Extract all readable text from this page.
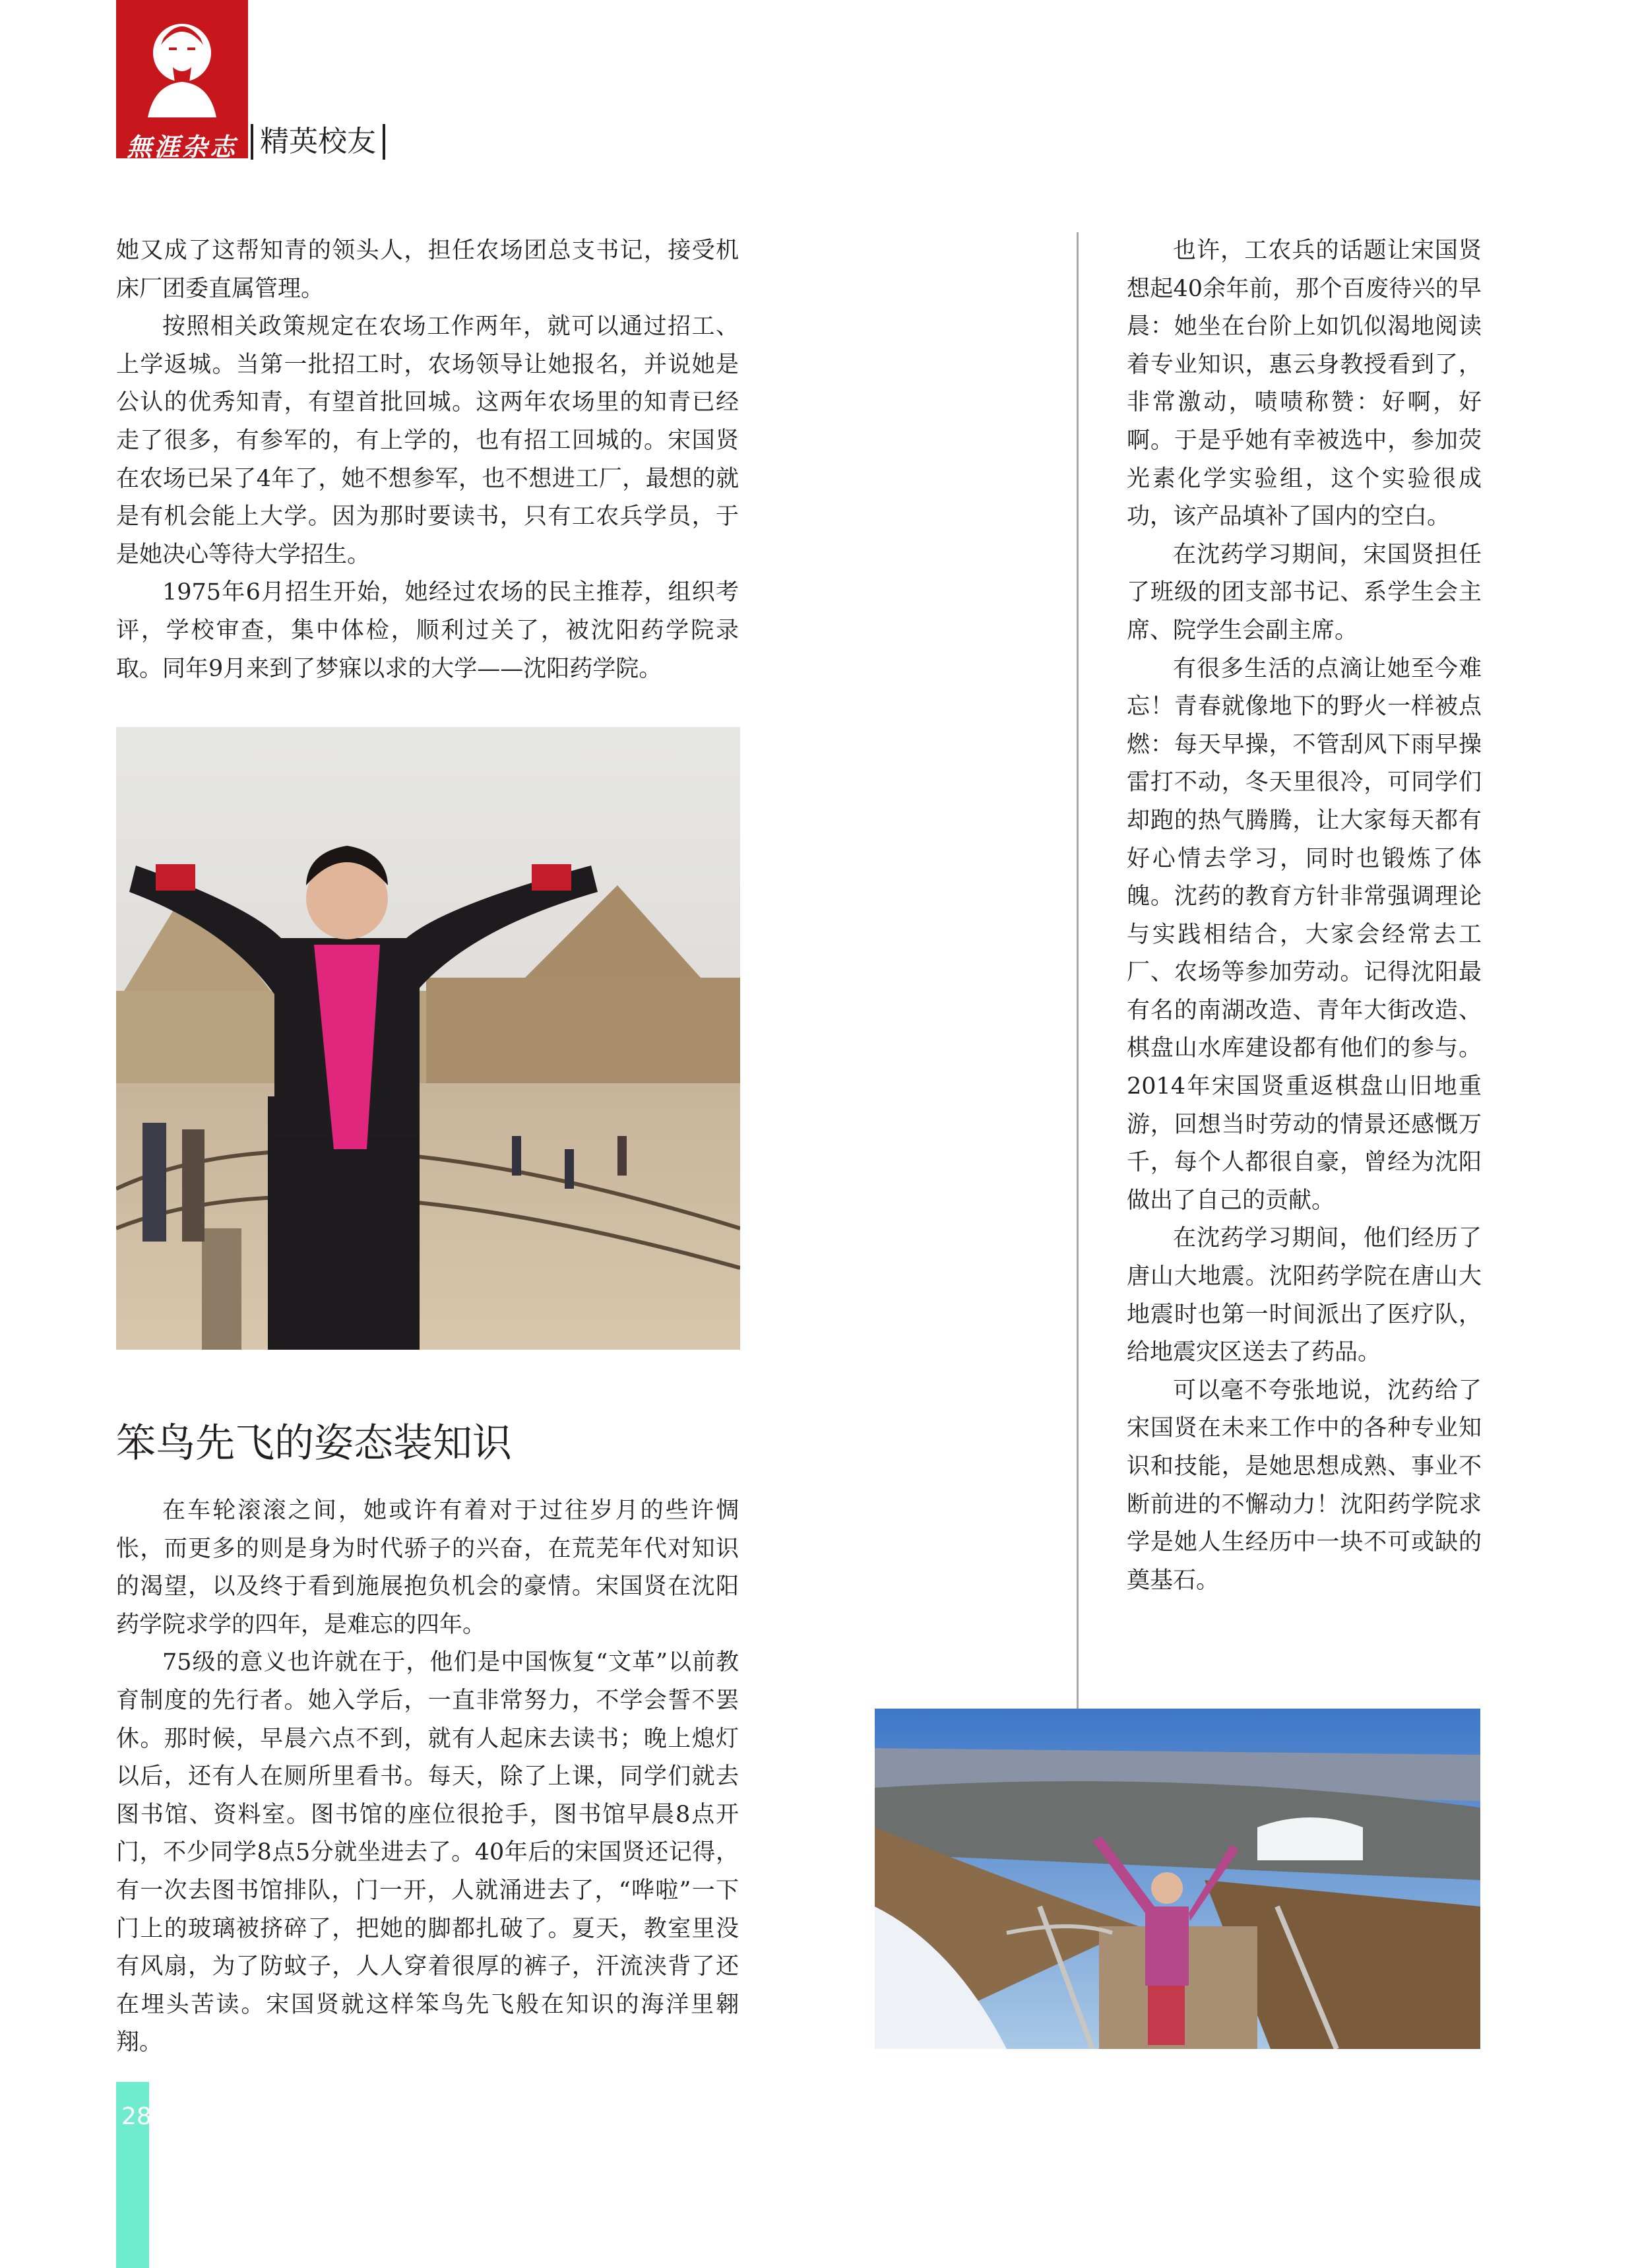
無涯杂志 精英校友

她又成了这帮知青的领头人，担任农场团总支书记，接受机床厂团委直属管理。

按照相关政策规定在农场工作两年，就可以通过招工、上学返城。当第一批招工时，农场领导让她报名，并说她是公认的优秀知青，有望首批回城。这两年农场里的知青已经走了很多，有参军的，有上学的，也有招工回城的。宋国贤在农场已呆了4年了，她不想参军，也不想进工厂，最想的就是有机会能上大学。因为那时要读书，只有工农兵学员，于是她决心等待大学招生。

1975年6月招生开始，她经过农场的民主推荐，组织考评，学校审查，集中体检，顺利过关了，被沈阳药学院录取。同年9月来到了梦寐以求的大学——沈阳药学院。

笨鸟先飞的姿态装知识

在车轮滚滚之间，她或许有着对于过往岁月的些许惆怅，而更多的则是身为时代骄子的兴奋，在荒芜年代对知识的渴望，以及终于看到施展抱负机会的豪情。宋国贤在沈阳药学院求学的四年，是难忘的四年。

75级的意义也许就在于，他们是中国恢复“文革”以前教育制度的先行者。她入学后，一直非常努力，不学会誓不罢休。那时候，早晨六点不到，就有人起床去读书；晚上熄灯以后，还有人在厕所里看书。每天，除了上课，同学们就去图书馆、资料室。图书馆的座位很抢手，图书馆早晨8点开门，不少同学8点5分就坐进去了。40年后的宋国贤还记得，有一次去图书馆排队，门一开，人就涌进去了，“哗啦”一下门上的玻璃被挤碎了，把她的脚都扎破了。夏天，教室里没有风扇，为了防蚊子，人人穿着很厚的裤子，汗流浃背了还在埋头苦读。宋国贤就这样笨鸟先飞般在知识的海洋里翱翔。

也许，工农兵的话题让宋国贤想起40余年前，那个百废待兴的早晨：她坐在台阶上如饥似渴地阅读着专业知识，惠云身教授看到了，非常激动，啧啧称赞：好啊，好啊。于是乎她有幸被选中，参加荧光素化学实验组，这个实验很成功，该产品填补了国内的空白。

在沈药学习期间，宋国贤担任了班级的团支部书记、系学生会主席、院学生会副主席。

有很多生活的点滴让她至今难忘！青春就像地下的野火一样被点燃：每天早操，不管刮风下雨早操雷打不动，冬天里很冷，可同学们却跑的热气腾腾，让大家每天都有好心情去学习，同时也锻炼了体魄。沈药的教育方针非常强调理论与实践相结合，大家会经常去工厂、农场等参加劳动。记得沈阳最有名的南湖改造、青年大街改造、棋盘山水库建设都有他们的参与。2014年宋国贤重返棋盘山旧地重游，回想当时劳动的情景还感慨万千，每个人都很自豪，曾经为沈阳做出了自己的贡献。

在沈药学习期间，他们经历了唐山大地震。沈阳药学院在唐山大地震时也第一时间派出了医疗队，给地震灾区送去了药品。

可以毫不夸张地说，沈药给了宋国贤在未来工作中的各种专业知识和技能，是她思想成熟、事业不断前进的不懈动力！沈阳药学院求学是她人生经历中一块不可或缺的奠基石。

28
